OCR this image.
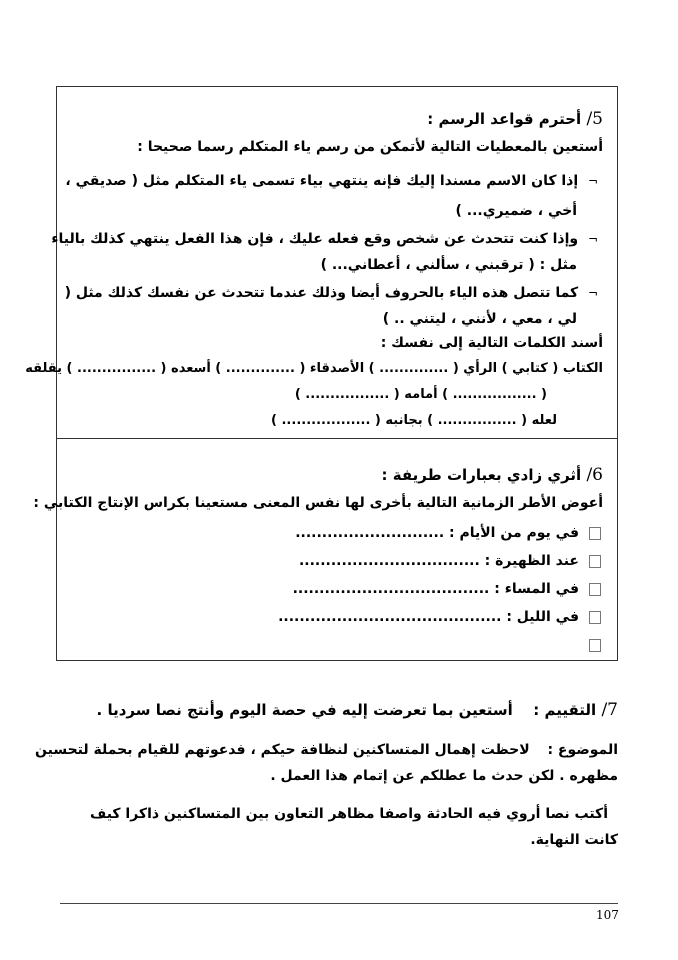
5/ أحترم قواعد الرسم :
أستعين بالمعطيات التالية لأتمكن من رسم ياء المتكلم رسما صحيحا :
¬ إذا كان الاسم مسندا إليك فإنه ينتهي بياء تسمى ياء المتكلم مثل ( صديقي ،
أخي ، ضميري... )
¬ وإذا كنت تتحدث عن شخص وقع فعله عليك ، فإن هذا الفعل ينتهي كذلك بالياء
مثل : ( ترقبني ، سألني ، أعطاني... )
¬ كما تتصل هذه الياء بالحروف أيضا وذلك عندما تتحدث عن نفسك كذلك مثل (
لي ، معي ، لأنني ، ليتني .. )
أسند الكلمات التالية إلى نفسك :
الكتاب ( كتابي ) الرأي ( .............. ) الأصدقاء ( .............. ) أسعده ( ................ ) يقلقه
( ................. ) أمامه ( ................. )
لعله ( ................ ) بجانبه ( .................. )
6/ أثري زادي بعبارات طريفة :
أعوض الأطر الزمانية التالية بأخرى لها نفس المعنى مستعينا بكراس الإنتاج الكتابي :
في يوم من الأيام : ............................
عند الظهيرة : ..................................
في المساء : .....................................
في الليل : ..........................................
7/ التقييم :  أستعين بما تعرضت إليه في حصة اليوم وأنتج نصا سرديا .
الموضوع :  لاحظت إهمال المتساكنين لنظافة حيكم ، فدعوتهم للقيام بحملة لتحسين
مظهره . لكن حدث ما عطلكم عن إتمام هذا العمل .
أكتب نصا أروي فيه الحادثة واصفا مظاهر التعاون بين المتساكنين ذاكرا كيف
كانت النهاية.
107
